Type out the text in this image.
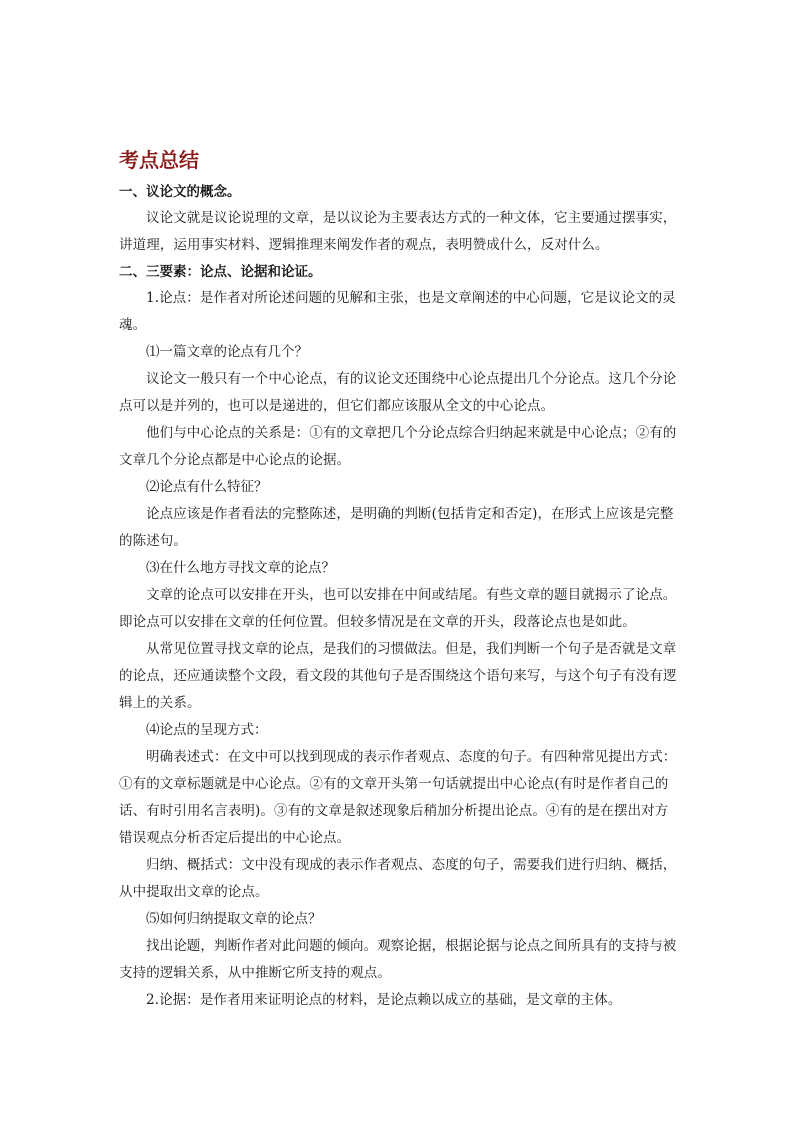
考点总结

一、议论文的概念。

议论文就是议论说理的文章，是以议论为主要表达方式的一种文体，它主要通过摆事实，讲道理，运用事实材料、逻辑推理来阐发作者的观点，表明赞成什么，反对什么。

二、三要素：论点、论据和论证。

1.论点：是作者对所论述问题的见解和主张，也是文章阐述的中心问题，它是议论文的灵魂。

⑴一篇文章的论点有几个？

议论文一般只有一个中心论点，有的议论文还围绕中心论点提出几个分论点。这几个分论点可以是并列的，也可以是递进的，但它们都应该服从全文的中心论点。

他们与中心论点的关系是：①有的文章把几个分论点综合归纳起来就是中心论点；②有的文章几个分论点都是中心论点的论据。

⑵论点有什么特征？

论点应该是作者看法的完整陈述，是明确的判断(包括肯定和否定)，在形式上应该是完整的陈述句。

⑶在什么地方寻找文章的论点？

文章的论点可以安排在开头，也可以安排在中间或结尾。有些文章的题目就揭示了论点。即论点可以安排在文章的任何位置。但较多情况是在文章的开头，段落论点也是如此。

从常见位置寻找文章的论点，是我们的习惯做法。但是，我们判断一个句子是否就是文章的论点，还应通读整个文段，看文段的其他句子是否围绕这个语句来写，与这个句子有没有逻辑上的关系。

⑷论点的呈现方式：

明确表述式：在文中可以找到现成的表示作者观点、态度的句子。有四种常见提出方式：①有的文章标题就是中心论点。②有的文章开头第一句话就提出中心论点(有时是作者自己的话、有时引用名言表明)。③有的文章是叙述现象后稍加分析提出论点。④有的是在摆出对方错误观点分析否定后提出的中心论点。

归纳、概括式：文中没有现成的表示作者观点、态度的句子，需要我们进行归纳、概括，从中提取出文章的论点。

⑸如何归纳提取文章的论点？

找出论题，判断作者对此问题的倾向。观察论据，根据论据与论点之间所具有的支持与被支持的逻辑关系，从中推断它所支持的观点。

2.论据：是作者用来证明论点的材料，是论点赖以成立的基础，是文章的主体。
